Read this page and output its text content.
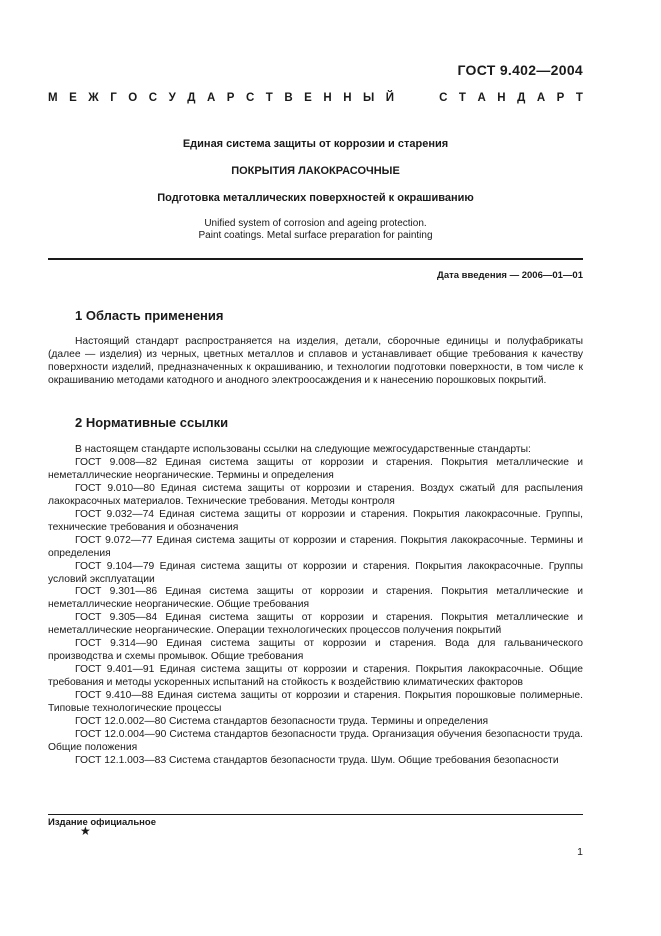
ГОСТ 9.402—2004
М Е Ж Г О С У Д А Р С Т В Е Н Н Ы Й	С Т А Н Д А Р Т
Единая система защиты от коррозии и старения
ПОКРЫТИЯ ЛАКОКРАСОЧНЫЕ
Подготовка металлических поверхностей к окрашиванию
Unified system of corrosion and ageing protection.
Paint coatings. Metal surface preparation for painting
Дата введения — 2006—01—01
1 Область применения
Настоящий стандарт распространяется на изделия, детали, сборочные единицы и полуфабрикаты (далее — изделия) из черных, цветных металлов и сплавов и устанавливает общие требования к качеству поверхности изделий, предназначенных к окрашиванию, и технологии подготовки поверхности, в том числе к окрашиванию методами катодного и анодного электроосаждения и к нанесению порошковых покрытий.
2 Нормативные ссылки
В настоящем стандарте использованы ссылки на следующие межгосударственные стандарты:
ГОСТ 9.008—82 Единая система защиты от коррозии и старения. Покрытия металлические и неметаллические неорганические. Термины и определения
ГОСТ 9.010—80 Единая система защиты от коррозии и старения. Воздух сжатый для распыления лакокрасочных материалов. Технические требования. Методы контроля
ГОСТ 9.032—74 Единая система защиты от коррозии и старения. Покрытия лакокрасочные. Группы, технические требования и обозначения
ГОСТ 9.072—77 Единая система защиты от коррозии и старения. Покрытия лакокрасочные. Термины и определения
ГОСТ 9.104—79 Единая система защиты от коррозии и старения. Покрытия лакокрасочные. Группы условий эксплуатации
ГОСТ 9.301—86 Единая система защиты от коррозии и старения. Покрытия металлические и неметаллические неорганические. Общие требования
ГОСТ 9.305—84 Единая система защиты от коррозии и старения. Покрытия металлические и неметаллические неорганические. Операции технологических процессов получения покрытий
ГОСТ 9.314—90 Единая система защиты от коррозии и старения. Вода для гальванического производства и схемы промывок. Общие требования
ГОСТ 9.401—91 Единая система защиты от коррозии и старения. Покрытия лакокрасочные. Общие требования и методы ускоренных испытаний на стойкость к воздействию климатических факторов
ГОСТ 9.410—88 Единая система защиты от коррозии и старения. Покрытия порошковые полимерные. Типовые технологические процессы
ГОСТ 12.0.002—80 Система стандартов безопасности труда. Термины и определения
ГОСТ 12.0.004—90 Система стандартов безопасности труда. Организация обучения безопасности труда. Общие положения
ГОСТ 12.1.003—83 Система стандартов безопасности труда. Шум. Общие требования безопасности
Издание официальное
★
1
